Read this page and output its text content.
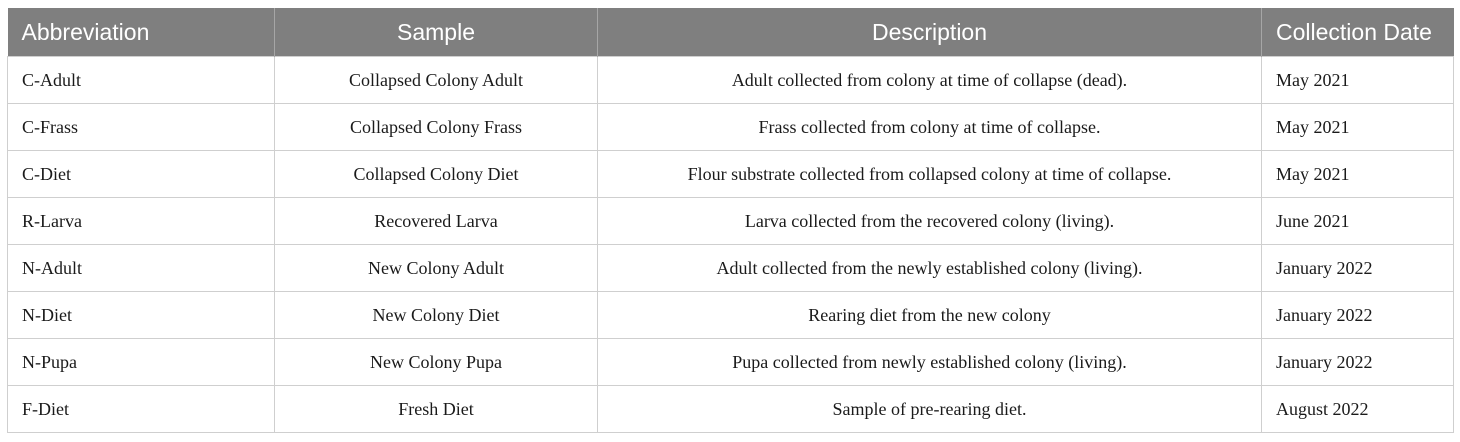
Abbreviation	Sample	Description	Collection Date
C-Adult	Collapsed Colony Adult	Adult collected from colony at time of collapse (dead).	May 2021
C-Frass	Collapsed Colony Frass	Frass collected from colony at time of collapse.	May 2021
C-Diet	Collapsed Colony Diet	Flour substrate collected from collapsed colony at time of collapse.	May 2021
R-Larva	Recovered Larva	Larva collected from the recovered colony (living).	June 2021
N-Adult	New Colony Adult	Adult collected from the newly established colony (living).	January 2022
N-Diet	New Colony Diet	Rearing diet from the new colony	January 2022
N-Pupa	New Colony Pupa	Pupa collected from newly established colony (living).	January 2022
F-Diet	Fresh Diet	Sample of pre-rearing diet.	August 2022
